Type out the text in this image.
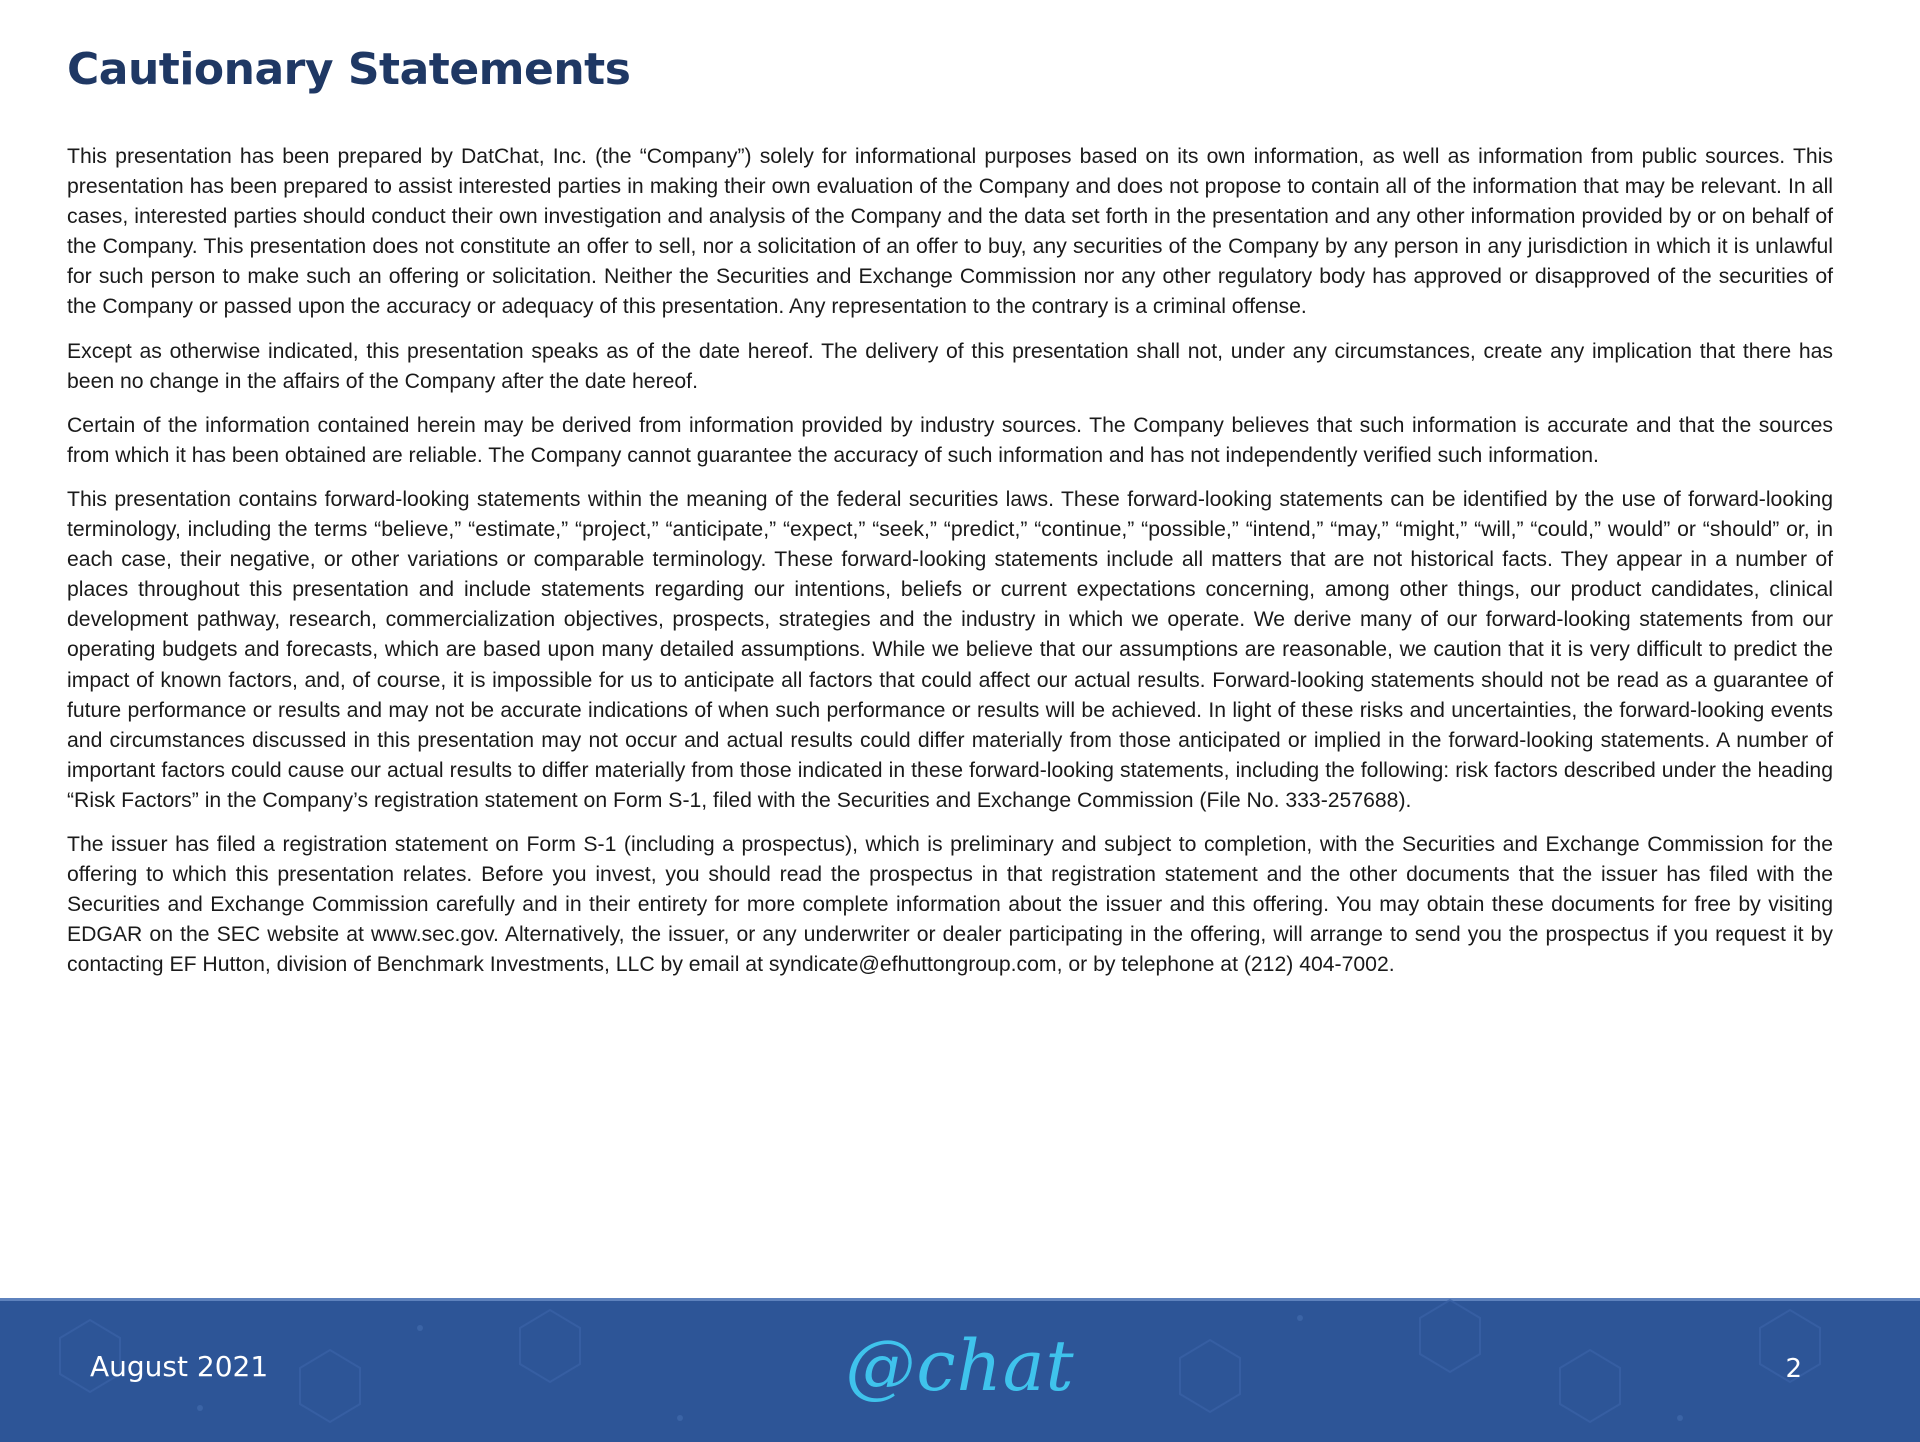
Cautionary Statements

This presentation has been prepared by DatChat, Inc. (the “Company”) solely for informational purposes based on its own information, as well as information from public sources. This presentation has been prepared to assist interested parties in making their own evaluation of the Company and does not propose to contain all of the information that may be relevant. In all cases, interested parties should conduct their own investigation and analysis of the Company and the data set forth in the presentation and any other information provided by or on behalf of the Company. This presentation does not constitute an offer to sell, nor a solicitation of an offer to buy, any securities of the Company by any person in any jurisdiction in which it is unlawful for such person to make such an offering or solicitation. Neither the Securities and Exchange Commission nor any other regulatory body has approved or disapproved of the securities of the Company or passed upon the accuracy or adequacy of this presentation. Any representation to the contrary is a criminal offense.

Except as otherwise indicated, this presentation speaks as of the date hereof. The delivery of this presentation shall not, under any circumstances, create any implication that there has been no change in the affairs of the Company after the date hereof.

Certain of the information contained herein may be derived from information provided by industry sources. The Company believes that such information is accurate and that the sources from which it has been obtained are reliable. The Company cannot guarantee the accuracy of such information and has not independently verified such information.

This presentation contains forward-looking statements within the meaning of the federal securities laws. These forward-looking statements can be identified by the use of forward-looking terminology, including the terms “believe,” “estimate,” “project,” “anticipate,” “expect,” “seek,” “predict,” “continue,” “possible,” “intend,” “may,” “might,” “will,” “could,” would” or “should” or, in each case, their negative, or other variations or comparable terminology. These forward-looking statements include all matters that are not historical facts. They appear in a number of places throughout this presentation and include statements regarding our intentions, beliefs or current expectations concerning, among other things, our product candidates, clinical development pathway, research, commercialization objectives, prospects, strategies and the industry in which we operate. We derive many of our forward-looking statements from our operating budgets and forecasts, which are based upon many detailed assumptions. While we believe that our assumptions are reasonable, we caution that it is very difficult to predict the impact of known factors, and, of course, it is impossible for us to anticipate all factors that could affect our actual results. Forward-looking statements should not be read as a guarantee of future performance or results and may not be accurate indications of when such performance or results will be achieved. In light of these risks and uncertainties, the forward-looking events and circumstances discussed in this presentation may not occur and actual results could differ materially from those anticipated or implied in the forward-looking statements. A number of important factors could cause our actual results to differ materially from those indicated in these forward-looking statements, including the following: risk factors described under the heading “Risk Factors” in the Company’s registration statement on Form S-1, filed with the Securities and Exchange Commission (File No. 333-257688).

The issuer has filed a registration statement on Form S-1 (including a prospectus), which is preliminary and subject to completion, with the Securities and Exchange Commission for the offering to which this presentation relates. Before you invest, you should read the prospectus in that registration statement and the other documents that the issuer has filed with the Securities and Exchange Commission carefully and in their entirety for more complete information about the issuer and this offering. You may obtain these documents for free by visiting EDGAR on the SEC website at www.sec.gov. Alternatively, the issuer, or any underwriter or dealer participating in the offering, will arrange to send you the prospectus if you request it by contacting EF Hutton, division of Benchmark Investments, LLC by email at syndicate@efhuttongroup.com, or by telephone at (212) 404-7002.

August 2021	@chat	2
